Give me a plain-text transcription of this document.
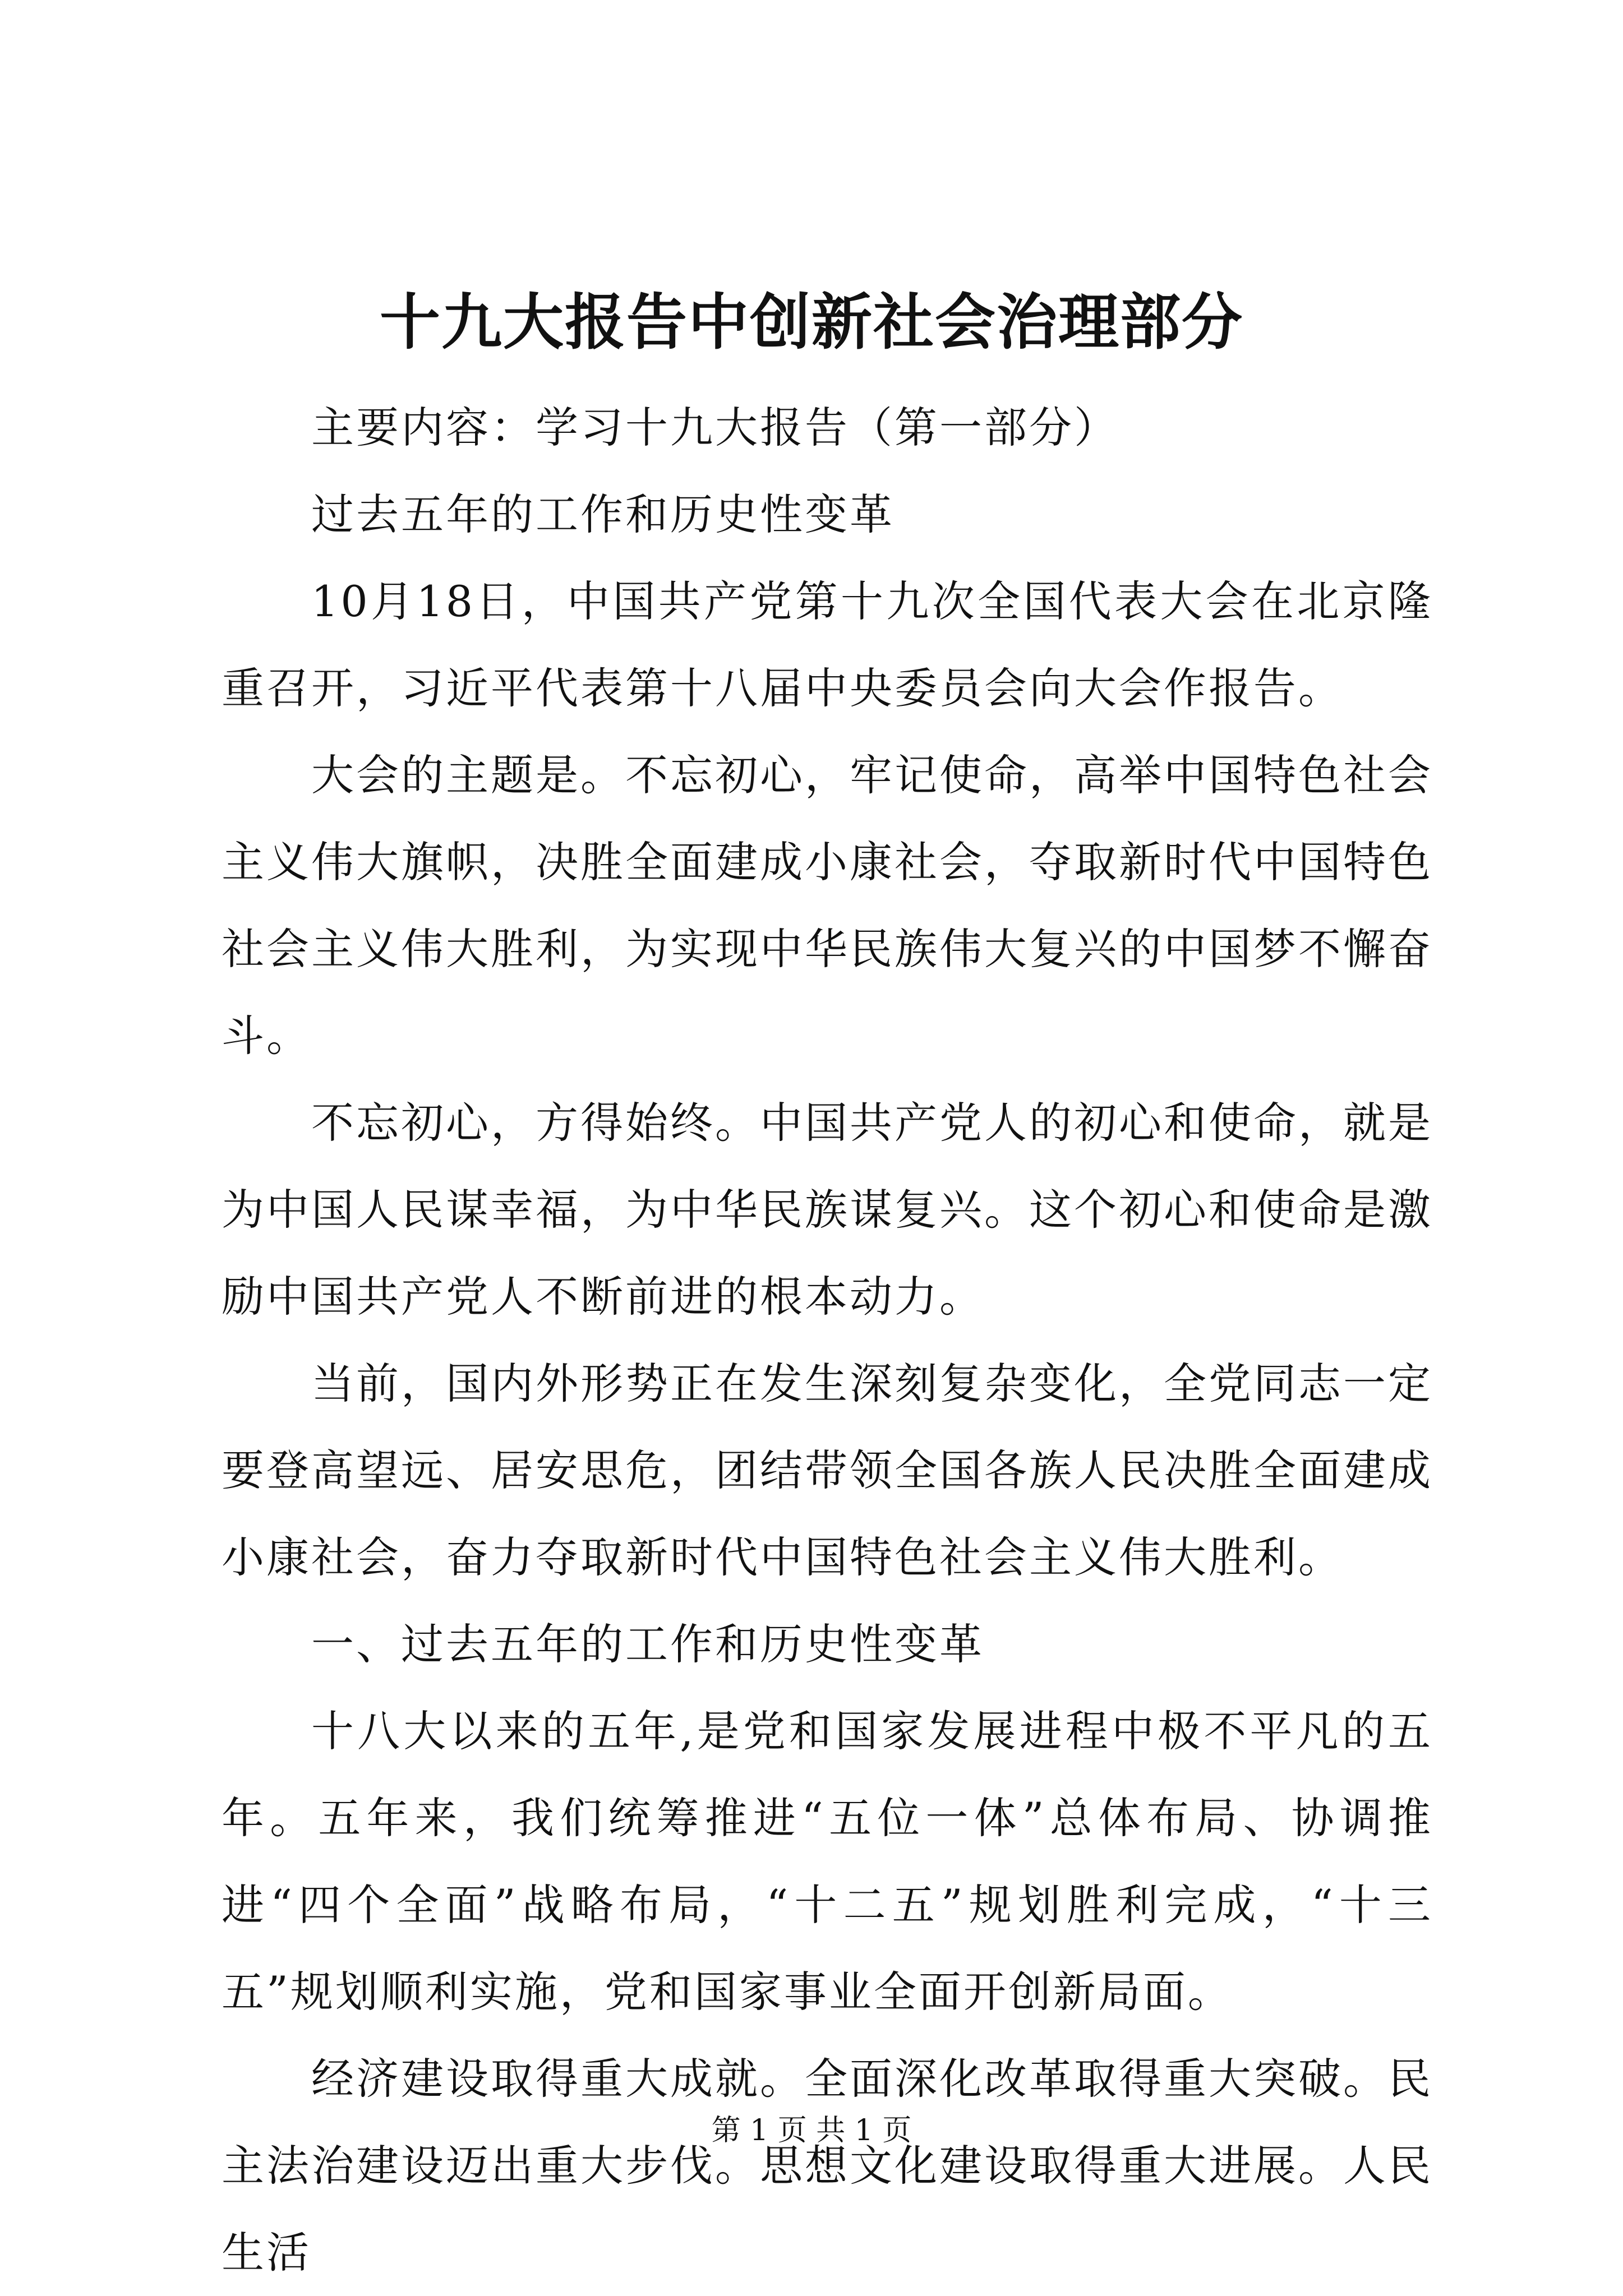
十九大报告中创新社会治理部分

主要内容：学习十九大报告（第一部分）

过去五年的工作和历史性变革

10月18日，中国共产党第十九次全国代表大会在北京隆重召开，习近平代表第十八届中央委员会向大会作报告。

大会的主题是。不忘初心，牢记使命，高举中国特色社会主义伟大旗帜，决胜全面建成小康社会，夺取新时代中国特色社会主义伟大胜利，为实现中华民族伟大复兴的中国梦不懈奋斗。

不忘初心，方得始终。中国共产党人的初心和使命，就是为中国人民谋幸福，为中华民族谋复兴。这个初心和使命是激励中国共产党人不断前进的根本动力。

当前，国内外形势正在发生深刻复杂变化，全党同志一定要登高望远、居安思危，团结带领全国各族人民决胜全面建成小康社会，奋力夺取新时代中国特色社会主义伟大胜利。

一、过去五年的工作和历史性变革

十八大以来的五年,是党和国家发展进程中极不平凡的五年。五年来，我们统筹推进“五位一体”总体布局、协调推进“四个全面”战略布局，“十二五”规划胜利完成，“十三五”规划顺利实施，党和国家事业全面开创新局面。

经济建设取得重大成就。全面深化改革取得重大突破。民主法治建设迈出重大步伐。思想文化建设取得重大进展。人民生活

第 1 页 共 1 页
